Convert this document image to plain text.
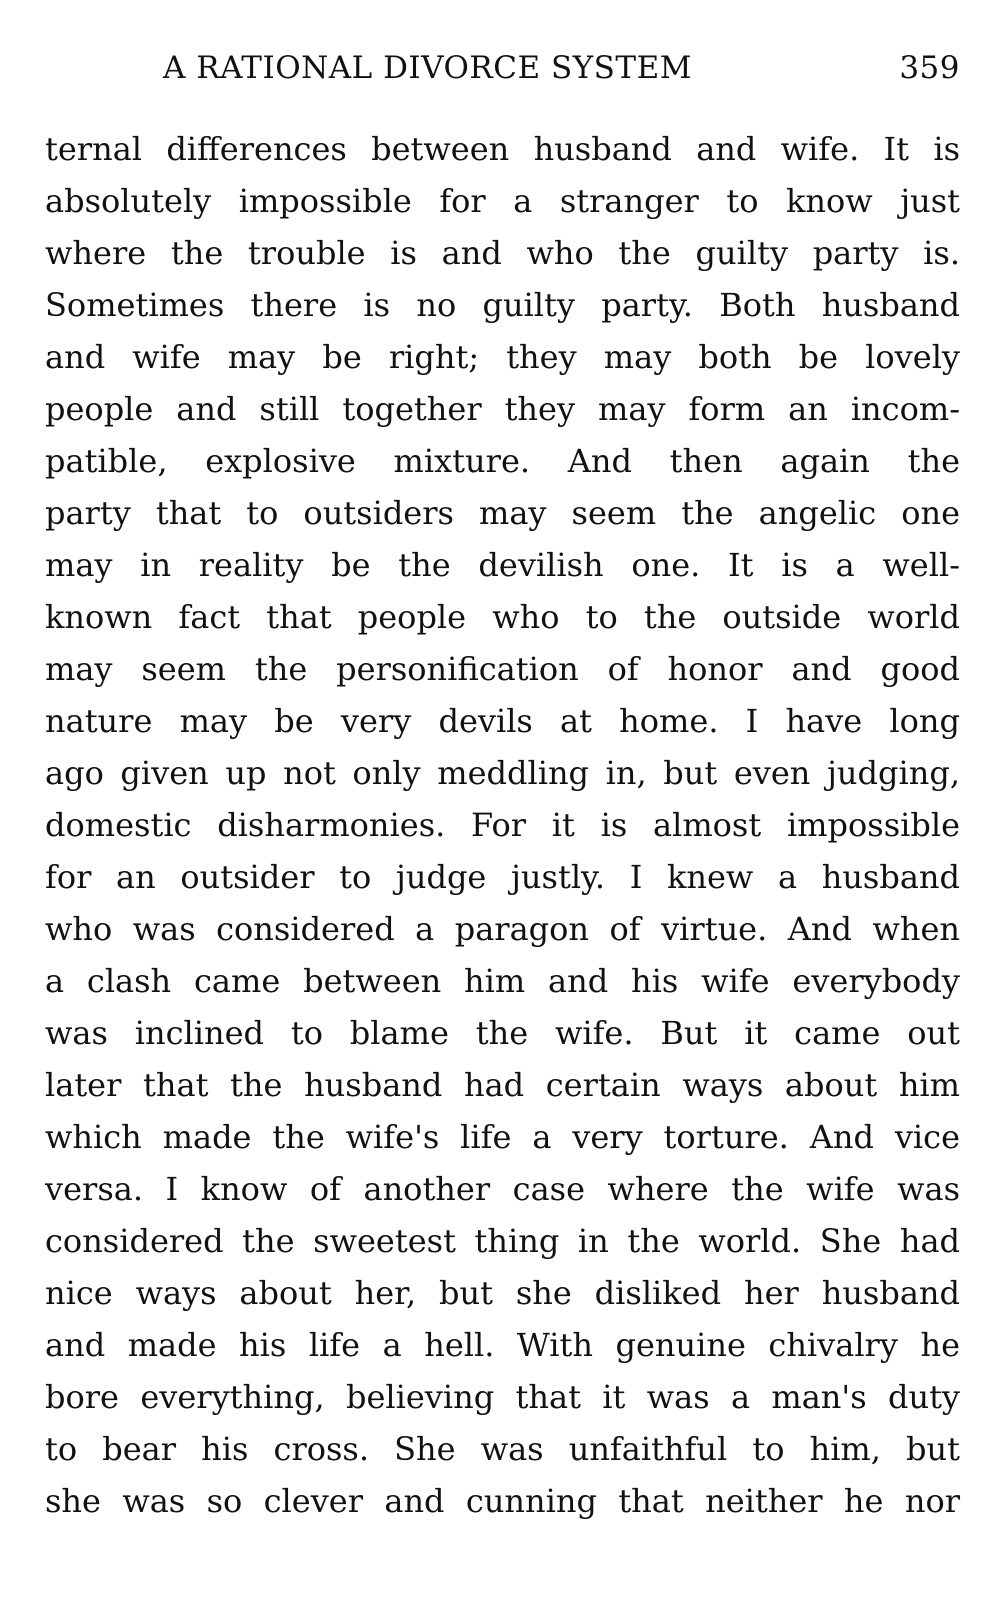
A RATIONAL DIVORCE SYSTEM	359
ternal differences between husband and wife. It is
absolutely impossible for a stranger to know just
where the trouble is and who the guilty party is.
Sometimes there is no guilty party. Both husband
and wife may be right; they may both be lovely
people and still together they may form an incom-
patible, explosive mixture. And then again the
party that to outsiders may seem the angelic one
may in reality be the devilish one. It is a well-
known fact that people who to the outside world
may seem the personification of honor and good
nature may be very devils at home. I have long
ago given up not only meddling in, but even judging,
domestic disharmonies. For it is almost impossible
for an outsider to judge justly. I knew a husband
who was considered a paragon of virtue. And when
a clash came between him and his wife everybody
was inclined to blame the wife. But it came out
later that the husband had certain ways about him
which made the wife's life a very torture. And vice
versa. I know of another case where the wife was
considered the sweetest thing in the world. She had
nice ways about her, but she disliked her husband
and made his life a hell. With genuine chivalry he
bore everything, believing that it was a man's duty
to bear his cross. She was unfaithful to him, but
she was so clever and cunning that neither he nor
